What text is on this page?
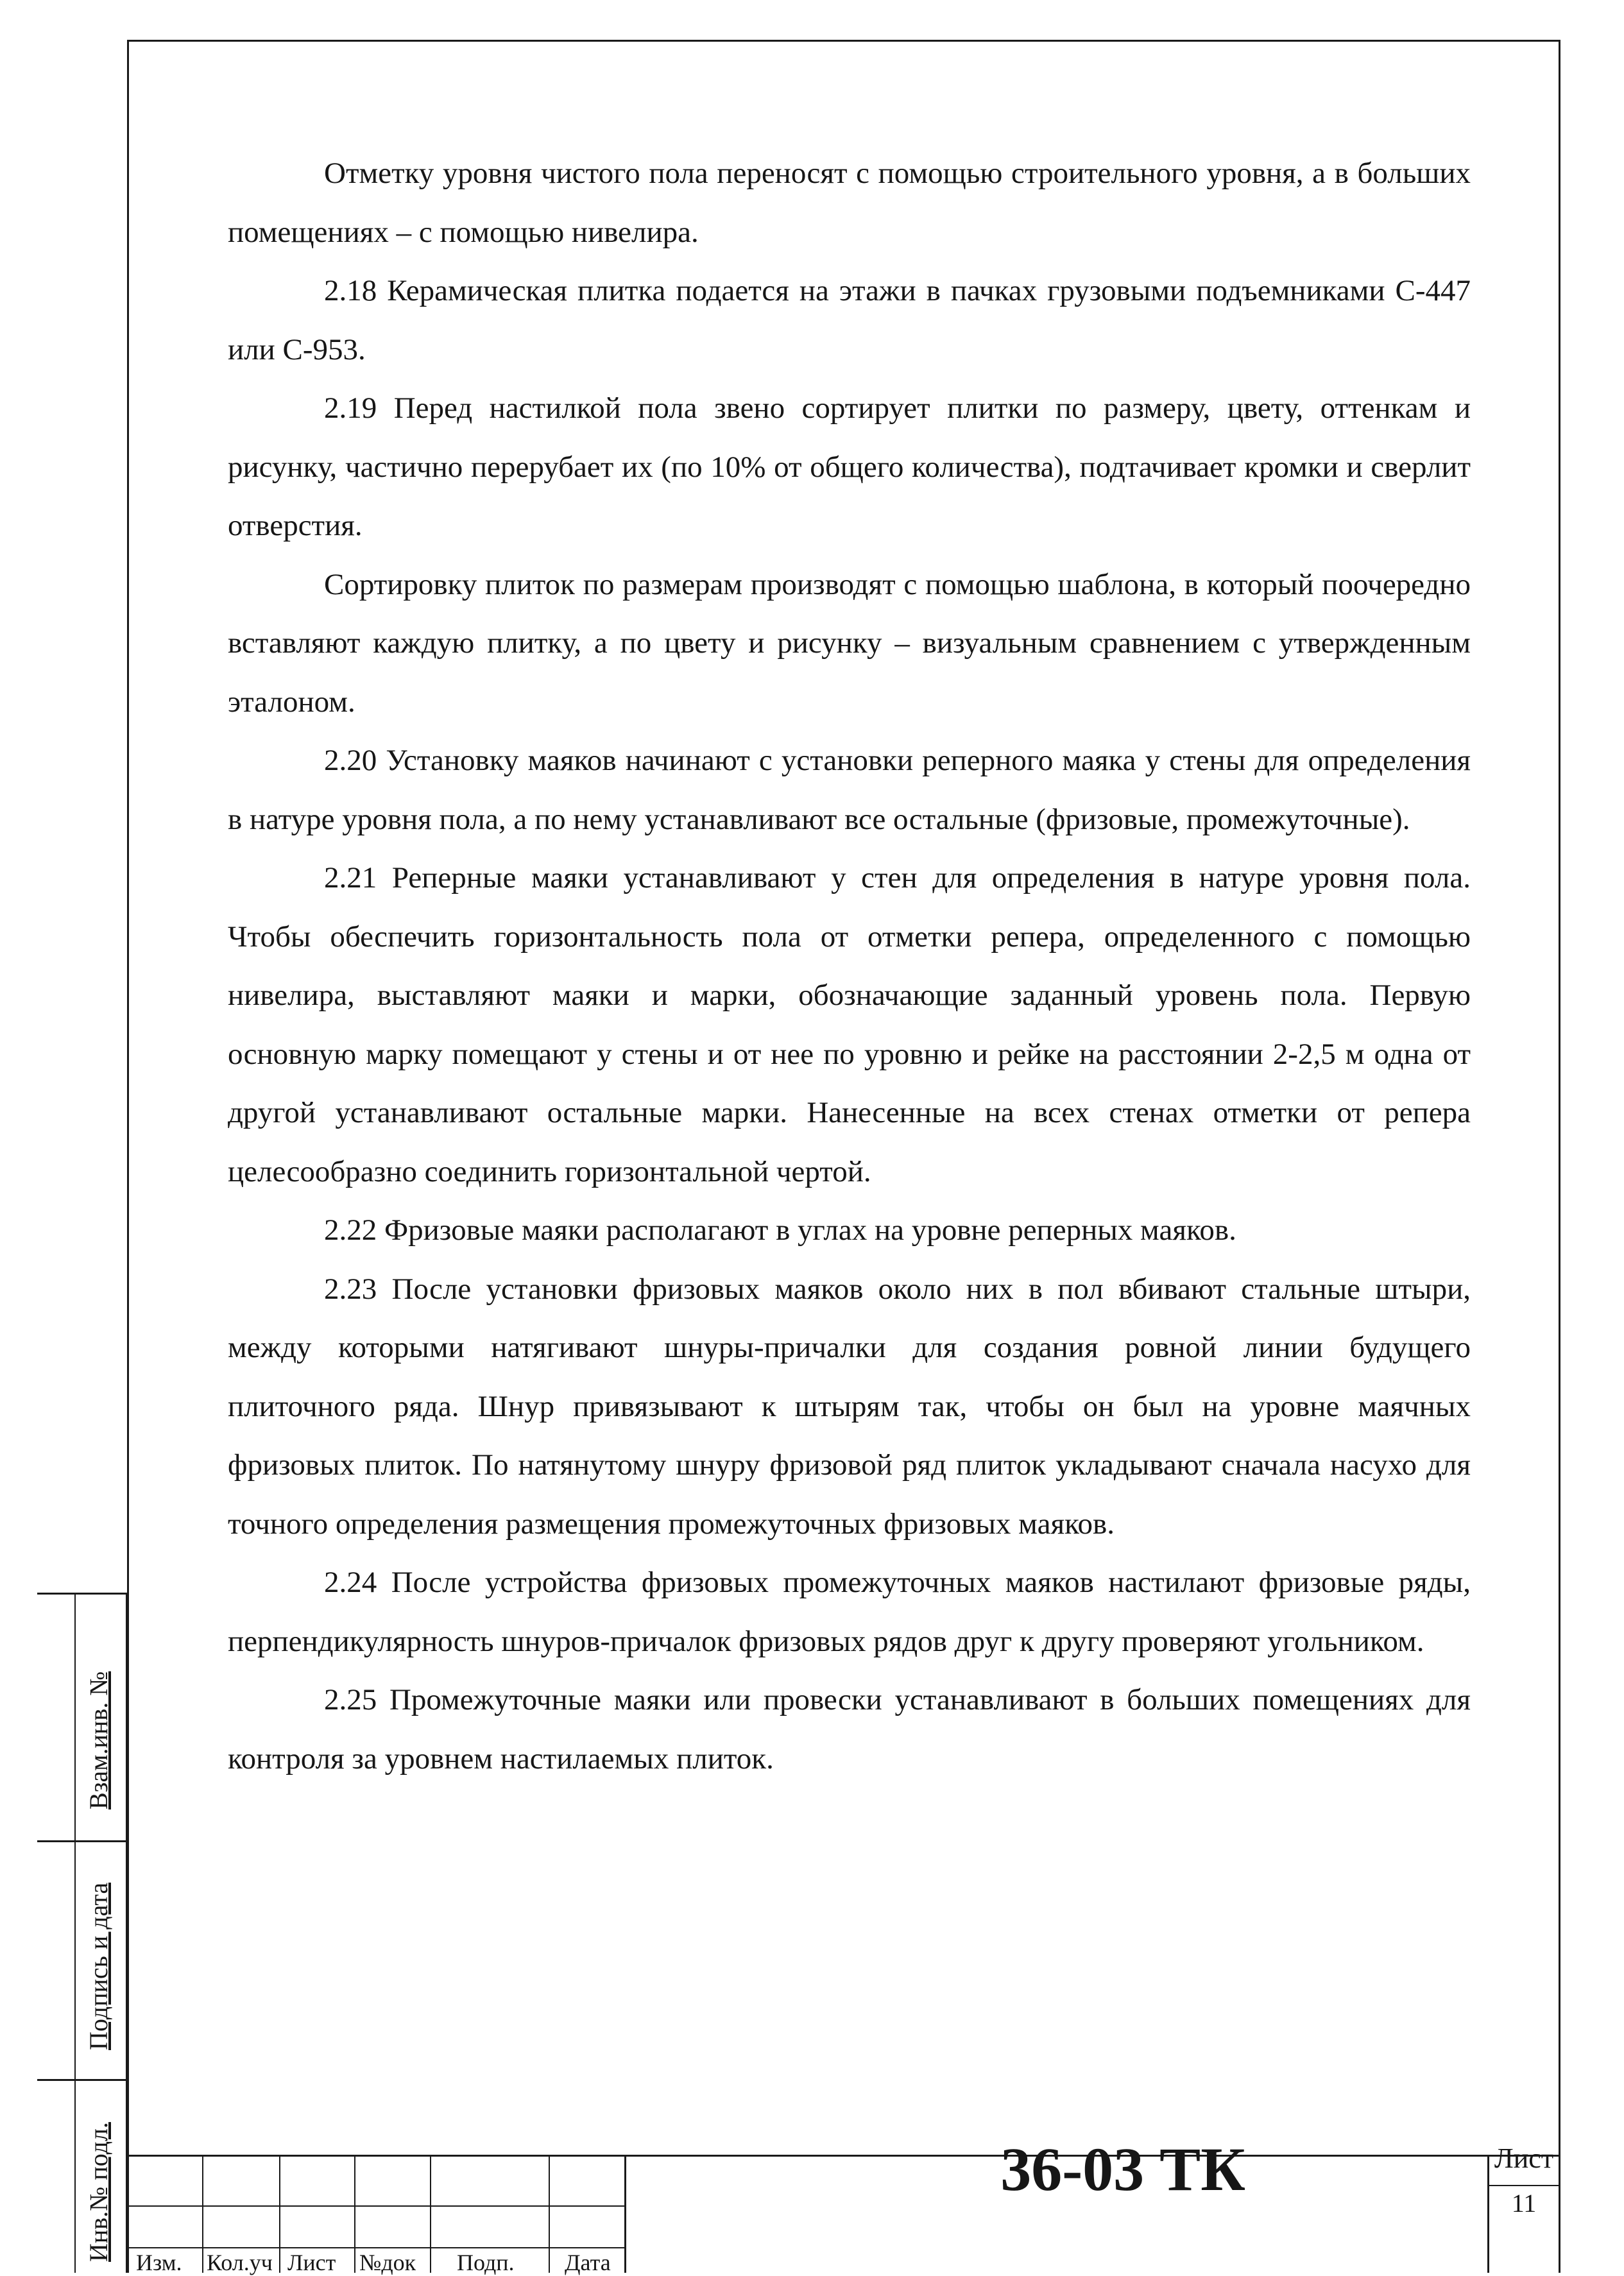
Отметку уровня чистого пола переносят с помощью строительного уровня, а в больших помещениях – с помощью нивелира.

2.18 Керамическая плитка подается на этажи в пачках грузовыми подъемниками С-447 или С-953.

2.19 Перед настилкой пола звено сортирует плитки по размеру, цвету, оттенкам и рисунку, частично перерубает их (по 10% от общего количества), подтачивает кромки и сверлит отверстия.

Сортировку плиток по размерам производят с помощью шаблона, в который поочередно вставляют каждую плитку, а по цвету и рисунку – визуальным сравнением с утвержденным эталоном.

2.20 Установку маяков начинают с установки реперного маяка у стены для определения в натуре уровня пола, а по нему устанавливают все остальные (фризовые, промежуточные).

2.21 Реперные маяки устанавливают у стен для определения в натуре уровня пола. Чтобы обеспечить горизонтальность пола от отметки репера, определенного с помощью нивелира, выставляют маяки и марки, обозначающие заданный уровень пола. Первую основную марку помещают у стены и от нее по уровню и рейке на расстоянии 2-2,5 м одна от другой устанавливают остальные марки. Нанесенные на всех стенах отметки от репера целесообразно соединить горизонтальной чертой.

2.22 Фризовые маяки располагают в углах на уровне реперных маяков.

2.23 После установки фризовых маяков около них в пол вбивают стальные штыри, между которыми натягивают шнуры-причалки для создания ровной линии будущего плиточного ряда. Шнур привязывают к штырям так, чтобы он был на уровне маячных фризовых плиток. По натянутому шнуру фризовой ряд плиток укладывают сначала насухо для точного определения размещения промежуточных фризовых маяков.

2.24 После устройства фризовых промежуточных маяков настилают фризовые ряды, перпендикулярность шнуров-причалок фризовых рядов друг к другу проверяют угольником.

2.25 Промежуточные маяки или провески устанавливают в больших помещениях для контроля за уровнем настилаемых плиток.

Взам.инв. №
Подпись и дата
Инв.№ подл.
Изм. Кол.уч Лист №док Подп. Дата
36-03 ТК	Лист
11
